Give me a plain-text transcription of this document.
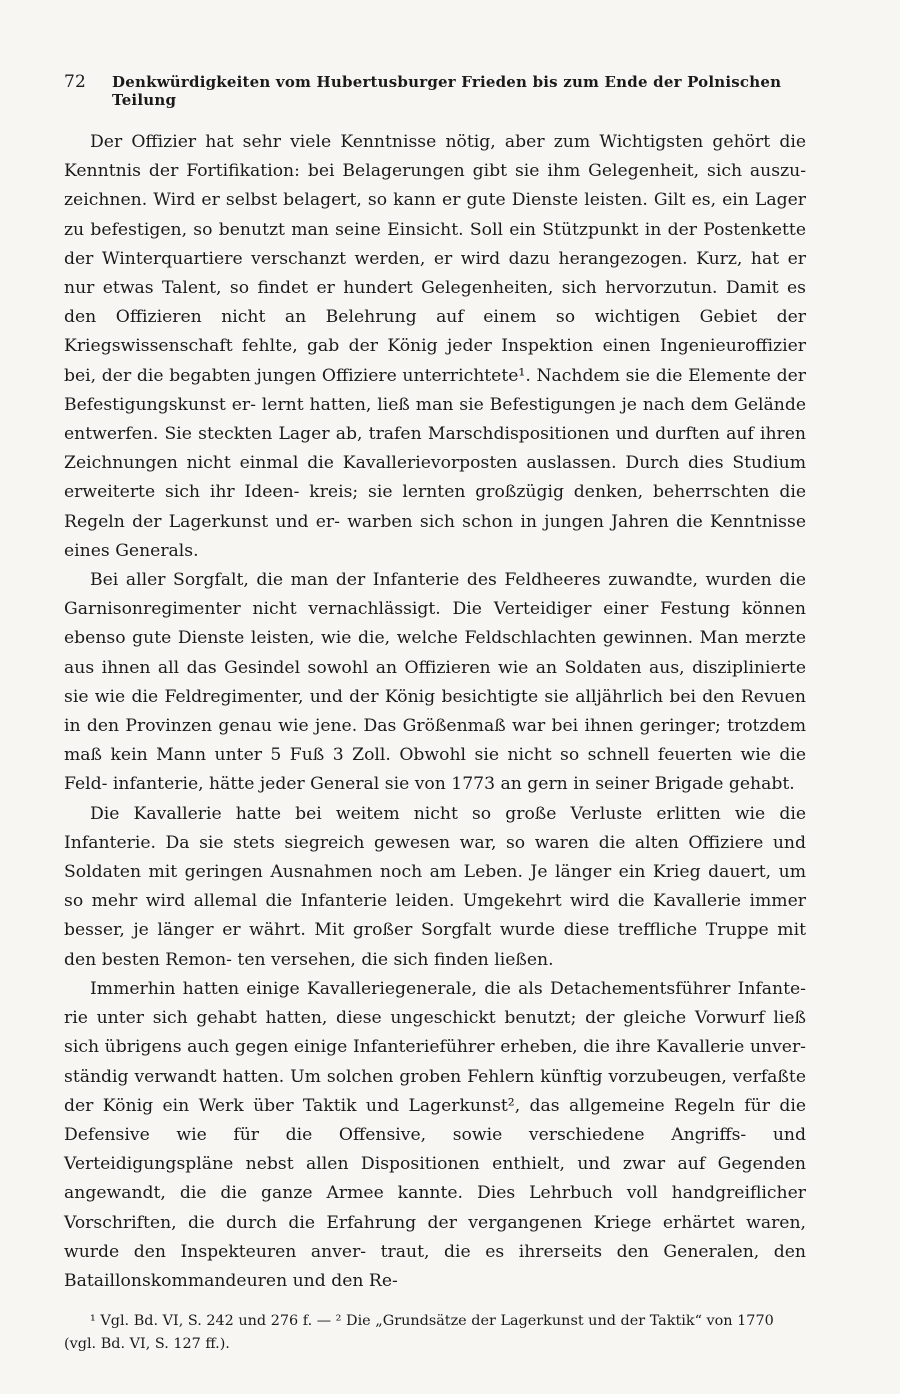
72 Denkwürdigkeiten vom Hubertusburger Frieden bis zum Ende der Polnischen Teilung

Der Offizier hat sehr viele Kenntnisse nötig, aber zum Wichtigsten gehört die Kenntnis der Fortifikation: bei Belagerungen gibt sie ihm Gelegenheit, sich auszu- zeichnen. Wird er selbst belagert, so kann er gute Dienste leisten. Gilt es, ein Lager zu befestigen, so benutzt man seine Einsicht. Soll ein Stützpunkt in der Postenkette der Winterquartiere verschanzt werden, er wird dazu herangezogen. Kurz, hat er nur etwas Talent, so findet er hundert Gelegenheiten, sich hervorzutun. Damit es den Offizieren nicht an Belehrung auf einem so wichtigen Gebiet der Kriegswissenschaft fehlte, gab der König jeder Inspektion einen Ingenieuroffizier bei, der die begabten jungen Offiziere unterrichtete¹. Nachdem sie die Elemente der Befestigungskunst er- lernt hatten, ließ man sie Befestigungen je nach dem Gelände entwerfen. Sie steckten Lager ab, trafen Marschdispositionen und durften auf ihren Zeichnungen nicht einmal die Kavallerievorposten auslassen. Durch dies Studium erweiterte sich ihr Ideen- kreis; sie lernten großzügig denken, beherrschten die Regeln der Lagerkunst und er- warben sich schon in jungen Jahren die Kenntnisse eines Generals.

Bei aller Sorgfalt, die man der Infanterie des Feldheeres zuwandte, wurden die Garnisonregimenter nicht vernachlässigt. Die Verteidiger einer Festung können ebenso gute Dienste leisten, wie die, welche Feldschlachten gewinnen. Man merzte aus ihnen all das Gesindel sowohl an Offizieren wie an Soldaten aus, disziplinierte sie wie die Feldregimenter, und der König besichtigte sie alljährlich bei den Revuen in den Provinzen genau wie jene. Das Größenmaß war bei ihnen geringer; trotzdem maß kein Mann unter 5 Fuß 3 Zoll. Obwohl sie nicht so schnell feuerten wie die Feld- infanterie, hätte jeder General sie von 1773 an gern in seiner Brigade gehabt.

Die Kavallerie hatte bei weitem nicht so große Verluste erlitten wie die Infanterie. Da sie stets siegreich gewesen war, so waren die alten Offiziere und Soldaten mit geringen Ausnahmen noch am Leben. Je länger ein Krieg dauert, um so mehr wird allemal die Infanterie leiden. Umgekehrt wird die Kavallerie immer besser, je länger er währt. Mit großer Sorgfalt wurde diese treffliche Truppe mit den besten Remon- ten versehen, die sich finden ließen.

Immerhin hatten einige Kavalleriegenerale, die als Detachementsführer Infante- rie unter sich gehabt hatten, diese ungeschickt benutzt; der gleiche Vorwurf ließ sich übrigens auch gegen einige Infanterieführer erheben, die ihre Kavallerie unver- ständig verwandt hatten. Um solchen groben Fehlern künftig vorzubeugen, verfaßte der König ein Werk über Taktik und Lagerkunst², das allgemeine Regeln für die Defensive wie für die Offensive, sowie verschiedene Angriffs- und Verteidigungspläne nebst allen Dispositionen enthielt, und zwar auf Gegenden angewandt, die die ganze Armee kannte. Dies Lehrbuch voll handgreiflicher Vorschriften, die durch die Erfahrung der vergangenen Kriege erhärtet waren, wurde den Inspekteuren anver- traut, die es ihrerseits den Generalen, den Bataillonskommandeuren und den Re-

¹ Vgl. Bd. VI, S. 242 und 276 f. — ² Die „Grundsätze der Lagerkunst und der Taktik“ von 1770 (vgl. Bd. VI, S. 127 ff.).
